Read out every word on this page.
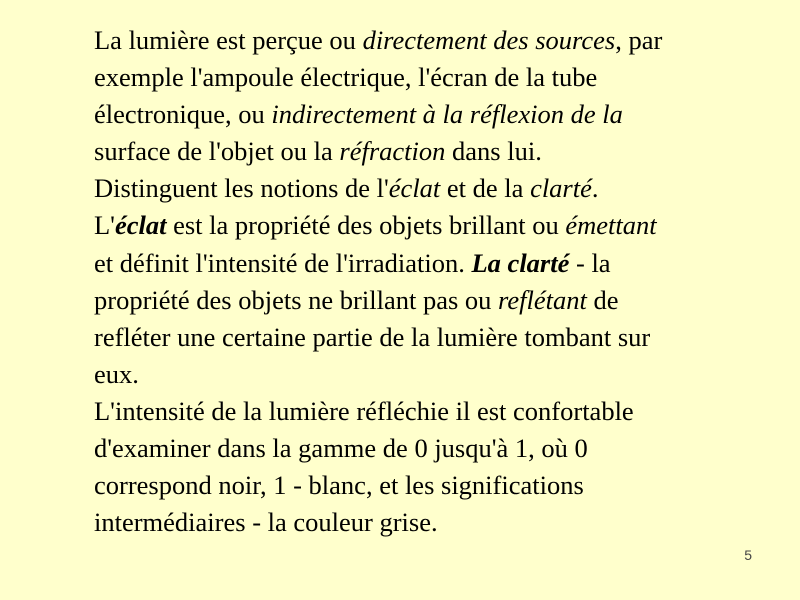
La lumière est perçue ou directement des sources, par
exemple l'ampoule électrique, l'écran de la tube
électronique, ou indirectement à la réflexion de la
surface de l'objet ou la réfraction dans lui.
Distinguent les notions de l'éclat et de la clarté.
L'éclat est la propriété des objets brillant ou émettant
et définit l'intensité de l'irradiation. La clarté - la
propriété des objets ne brillant pas ou reflétant de
refléter une certaine partie de la lumière tombant sur
eux.
L'intensité de la lumière réfléchie il est confortable
d'examiner dans la gamme de 0 jusqu'à 1, où 0
correspond noir, 1 - blanc, et les significations
intermédiaires - la couleur grise.
5
